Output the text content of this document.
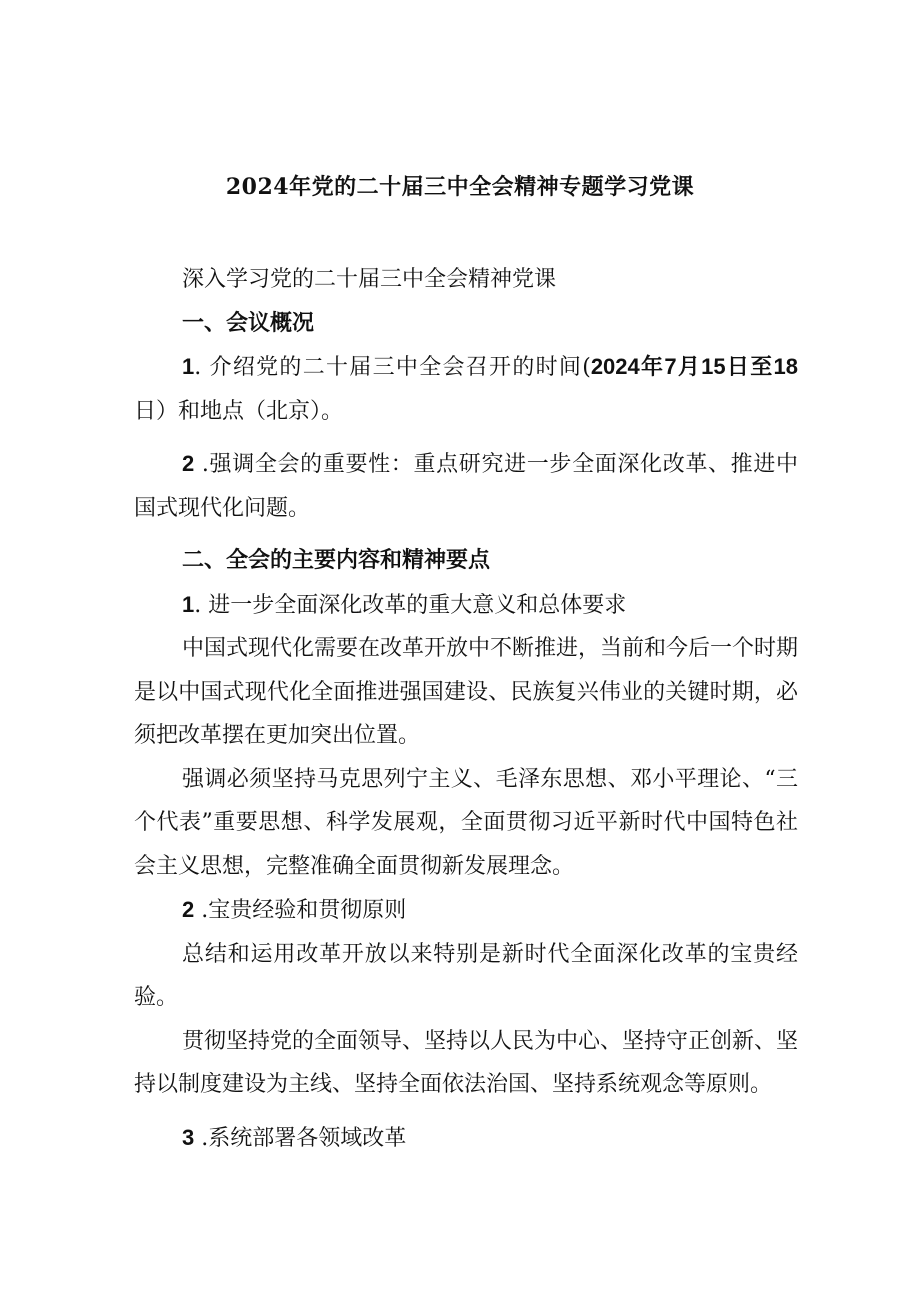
2024年党的二十届三中全会精神专题学习党课

深入学习党的二十届三中全会精神党课

一、会议概况

1. 介绍党的二十届三中全会召开的时间(2024年7月15日至18日）和地点（北京）。

2 .强调全会的重要性：重点研究进一步全面深化改革、推进中国式现代化问题。

二、全会的主要内容和精神要点

1. 进一步全面深化改革的重大意义和总体要求

中国式现代化需要在改革开放中不断推进，当前和今后一个时期是以中国式现代化全面推进强国建设、民族复兴伟业的关键时期，必须把改革摆在更加突出位置。

强调必须坚持马克思列宁主义、毛泽东思想、邓小平理论、“三个代表”重要思想、科学发展观，全面贯彻习近平新时代中国特色社会主义思想，完整准确全面贯彻新发展理念。

2 .宝贵经验和贯彻原则

总结和运用改革开放以来特别是新时代全面深化改革的宝贵经验。

贯彻坚持党的全面领导、坚持以人民为中心、坚持守正创新、坚持以制度建设为主线、坚持全面依法治国、坚持系统观念等原则。

3 .系统部署各领域改革
